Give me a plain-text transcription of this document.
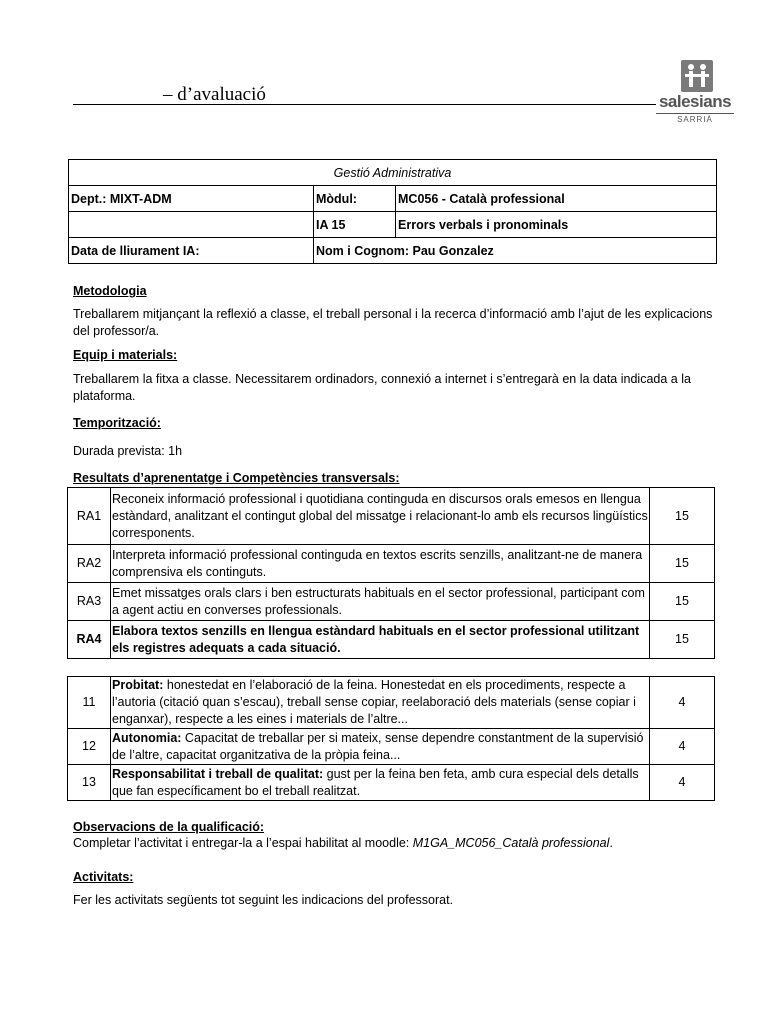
– d’avaluació	salesians
SARRIÀ
Gestió Administrativa		
Dept.: MIXT-ADM	Mòdul:	MC056 - Català professional
	IA 15	Errors verbals i pronominals
Data de lliurament IA:	Nom i Cognom: Pau Gonzalez	
Metodologia
Treballarem mitjançant la reflexió a classe, el treball personal i la recerca d’informació amb l’ajut de les explicacions del professor/a.
Equip i materials:
Treballarem la fitxa a classe. Necessitarem ordinadors, connexió a internet i s’entregarà en la data indicada a la plataforma.
Temporització:
Durada prevista: 1h
Resultats d’aprenentatge i Competències transversals:
RA1	Reconeix informació professional i quotidiana continguda en discursos orals emesos en llengua estàndard, analitzant el contingut global del missatge i relacionant-lo amb els recursos lingüístics corresponents.	15
RA2	Interpreta informació professional continguda en textos escrits senzills, analitzant-ne de manera comprensiva els continguts.	15
RA3	Emet missatges orals clars i ben estructurats habituals en el sector professional, participant com a agent actiu en converses professionals.	15
RA4	Elabora textos senzills en llengua estàndard habituals en el sector professional utilitzant els registres adequats a cada situació.	15
11	Probitat: honestedat en l’elaboració de la feina. Honestedat en els procediments, respecte a l’autoria (citació quan s’escau), treball sense copiar, reelaboració dels materials (sense copiar i enganxar), respecte a les eines i materials de l’altre...	4
12	Autonomia: Capacitat de treballar per si mateix, sense dependre constantment de la supervisió de l’altre, capacitat organitzativa de la pròpia feina...	4
13	Responsabilitat i treball de qualitat: gust per la feina ben feta, amb cura especial dels detalls que fan específicament bo el treball realitzat.	4
Observacions de la qualificació:
Completar l’activitat i entregar-la a l’espai habilitat al moodle: M1GA_MC056_Català professional.
Activitats:
Fer les activitats següents tot seguint les indicacions del professorat.
